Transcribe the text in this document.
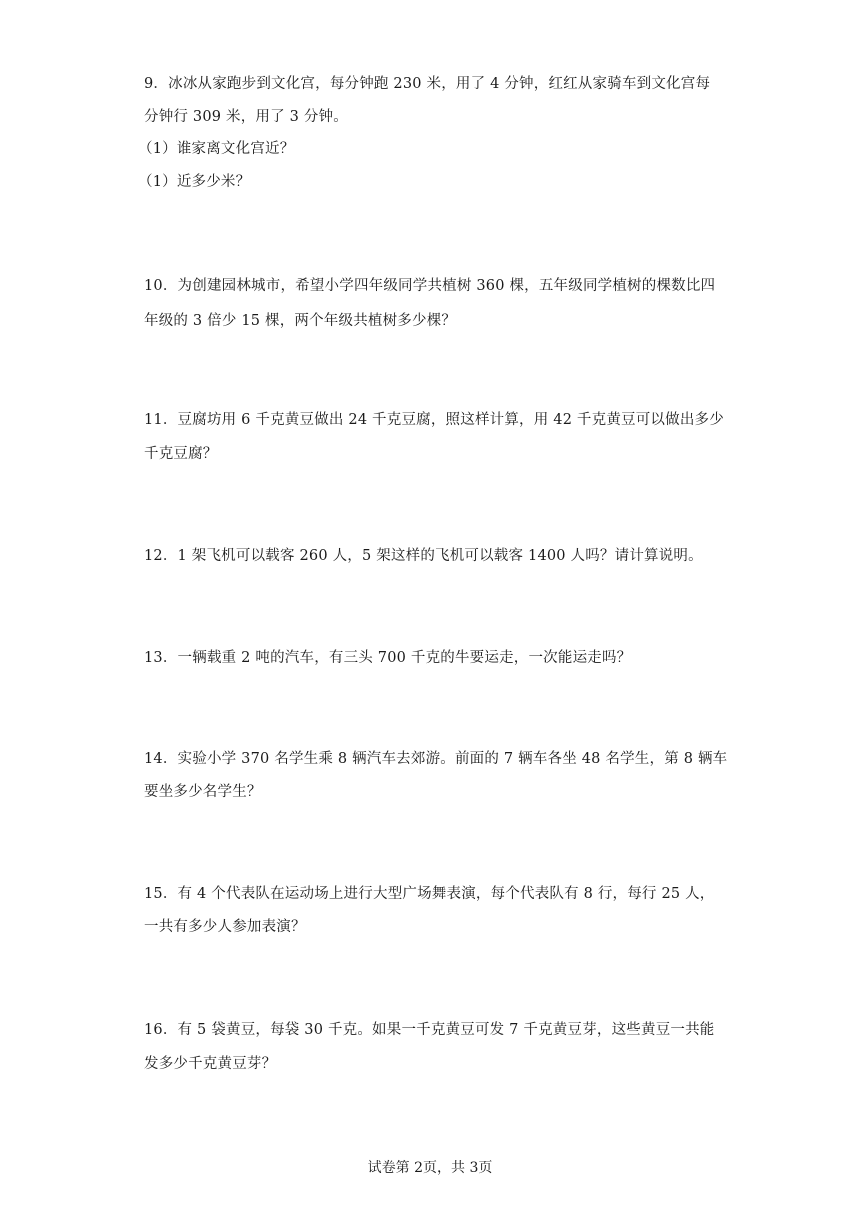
9．冰冰从家跑步到文化宫，每分钟跑 230 米，用了 4 分钟，红红从家骑车到文化宫每
分钟行 309 米，用了 3 分钟。
（1）谁家离文化宫近？
（1）近多少米？
10．为创建园林城市，希望小学四年级同学共植树 360 棵，五年级同学植树的棵数比四
年级的 3 倍少 15 棵，两个年级共植树多少棵？
11．豆腐坊用 6 千克黄豆做出 24 千克豆腐，照这样计算，用 42 千克黄豆可以做出多少
千克豆腐？
12．1 架飞机可以载客 260 人，5 架这样的飞机可以载客 1400 人吗？请计算说明。
13．一辆载重 2 吨的汽车，有三头 700 千克的牛要运走，一次能运走吗？
14．实验小学 370 名学生乘 8 辆汽车去郊游。前面的 7 辆车各坐 48 名学生，第 8 辆车
要坐多少名学生？
15．有 4 个代表队在运动场上进行大型广场舞表演，每个代表队有 8 行，每行 25 人，
一共有多少人参加表演？
16．有 5 袋黄豆，每袋 30 千克。如果一千克黄豆可发 7 千克黄豆芽，这些黄豆一共能
发多少千克黄豆芽？
试卷第 2页，共 3页
